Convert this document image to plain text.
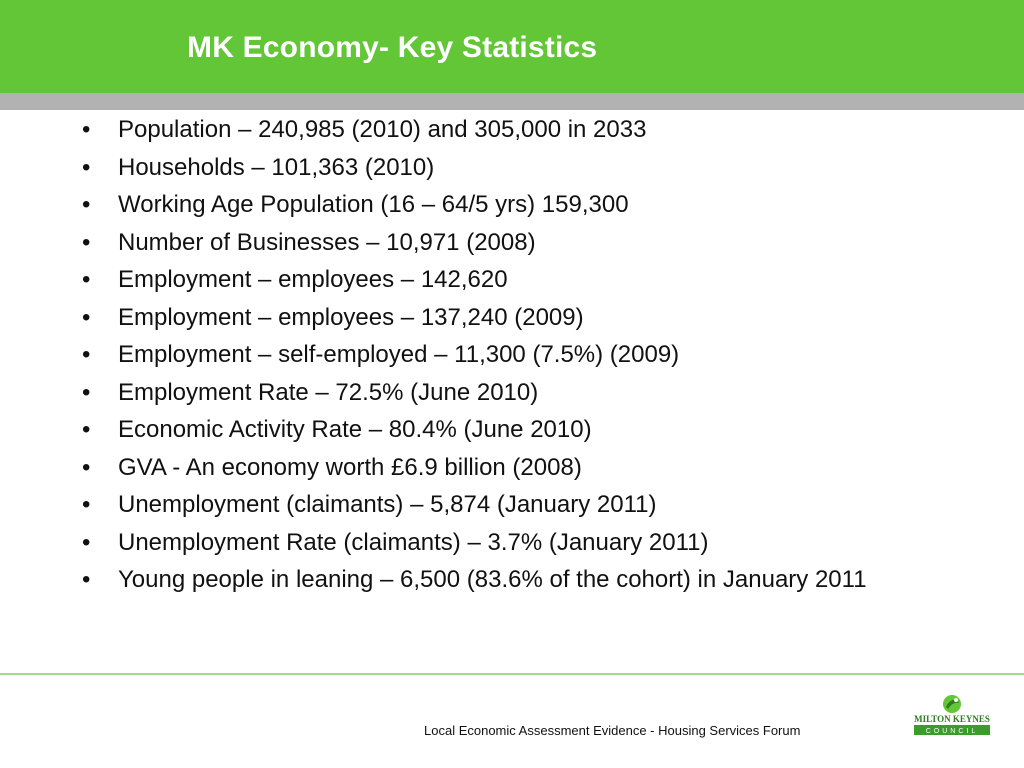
MK Economy- Key Statistics
• Population – 240,985 (2010) and 305,000 in 2033
• Households – 101,363 (2010)
• Working Age Population (16 – 64/5 yrs) 159,300
• Number of Businesses – 10,971 (2008)
• Employment – employees – 142,620
• Employment – employees – 137,240 (2009)
• Employment – self-employed – 11,300 (7.5%) (2009)
• Employment Rate – 72.5% (June 2010)
• Economic Activity Rate – 80.4% (June 2010)
• GVA - An economy worth £6.9 billion (2008)
• Unemployment (claimants) – 5,874 (January 2011)
• Unemployment Rate (claimants) – 3.7% (January 2011)
• Young people in leaning – 6,500 (83.6% of the cohort) in January 2011
Local Economic Assessment Evidence - Housing Services Forum
MILTON KEYNES
COUNCIL
